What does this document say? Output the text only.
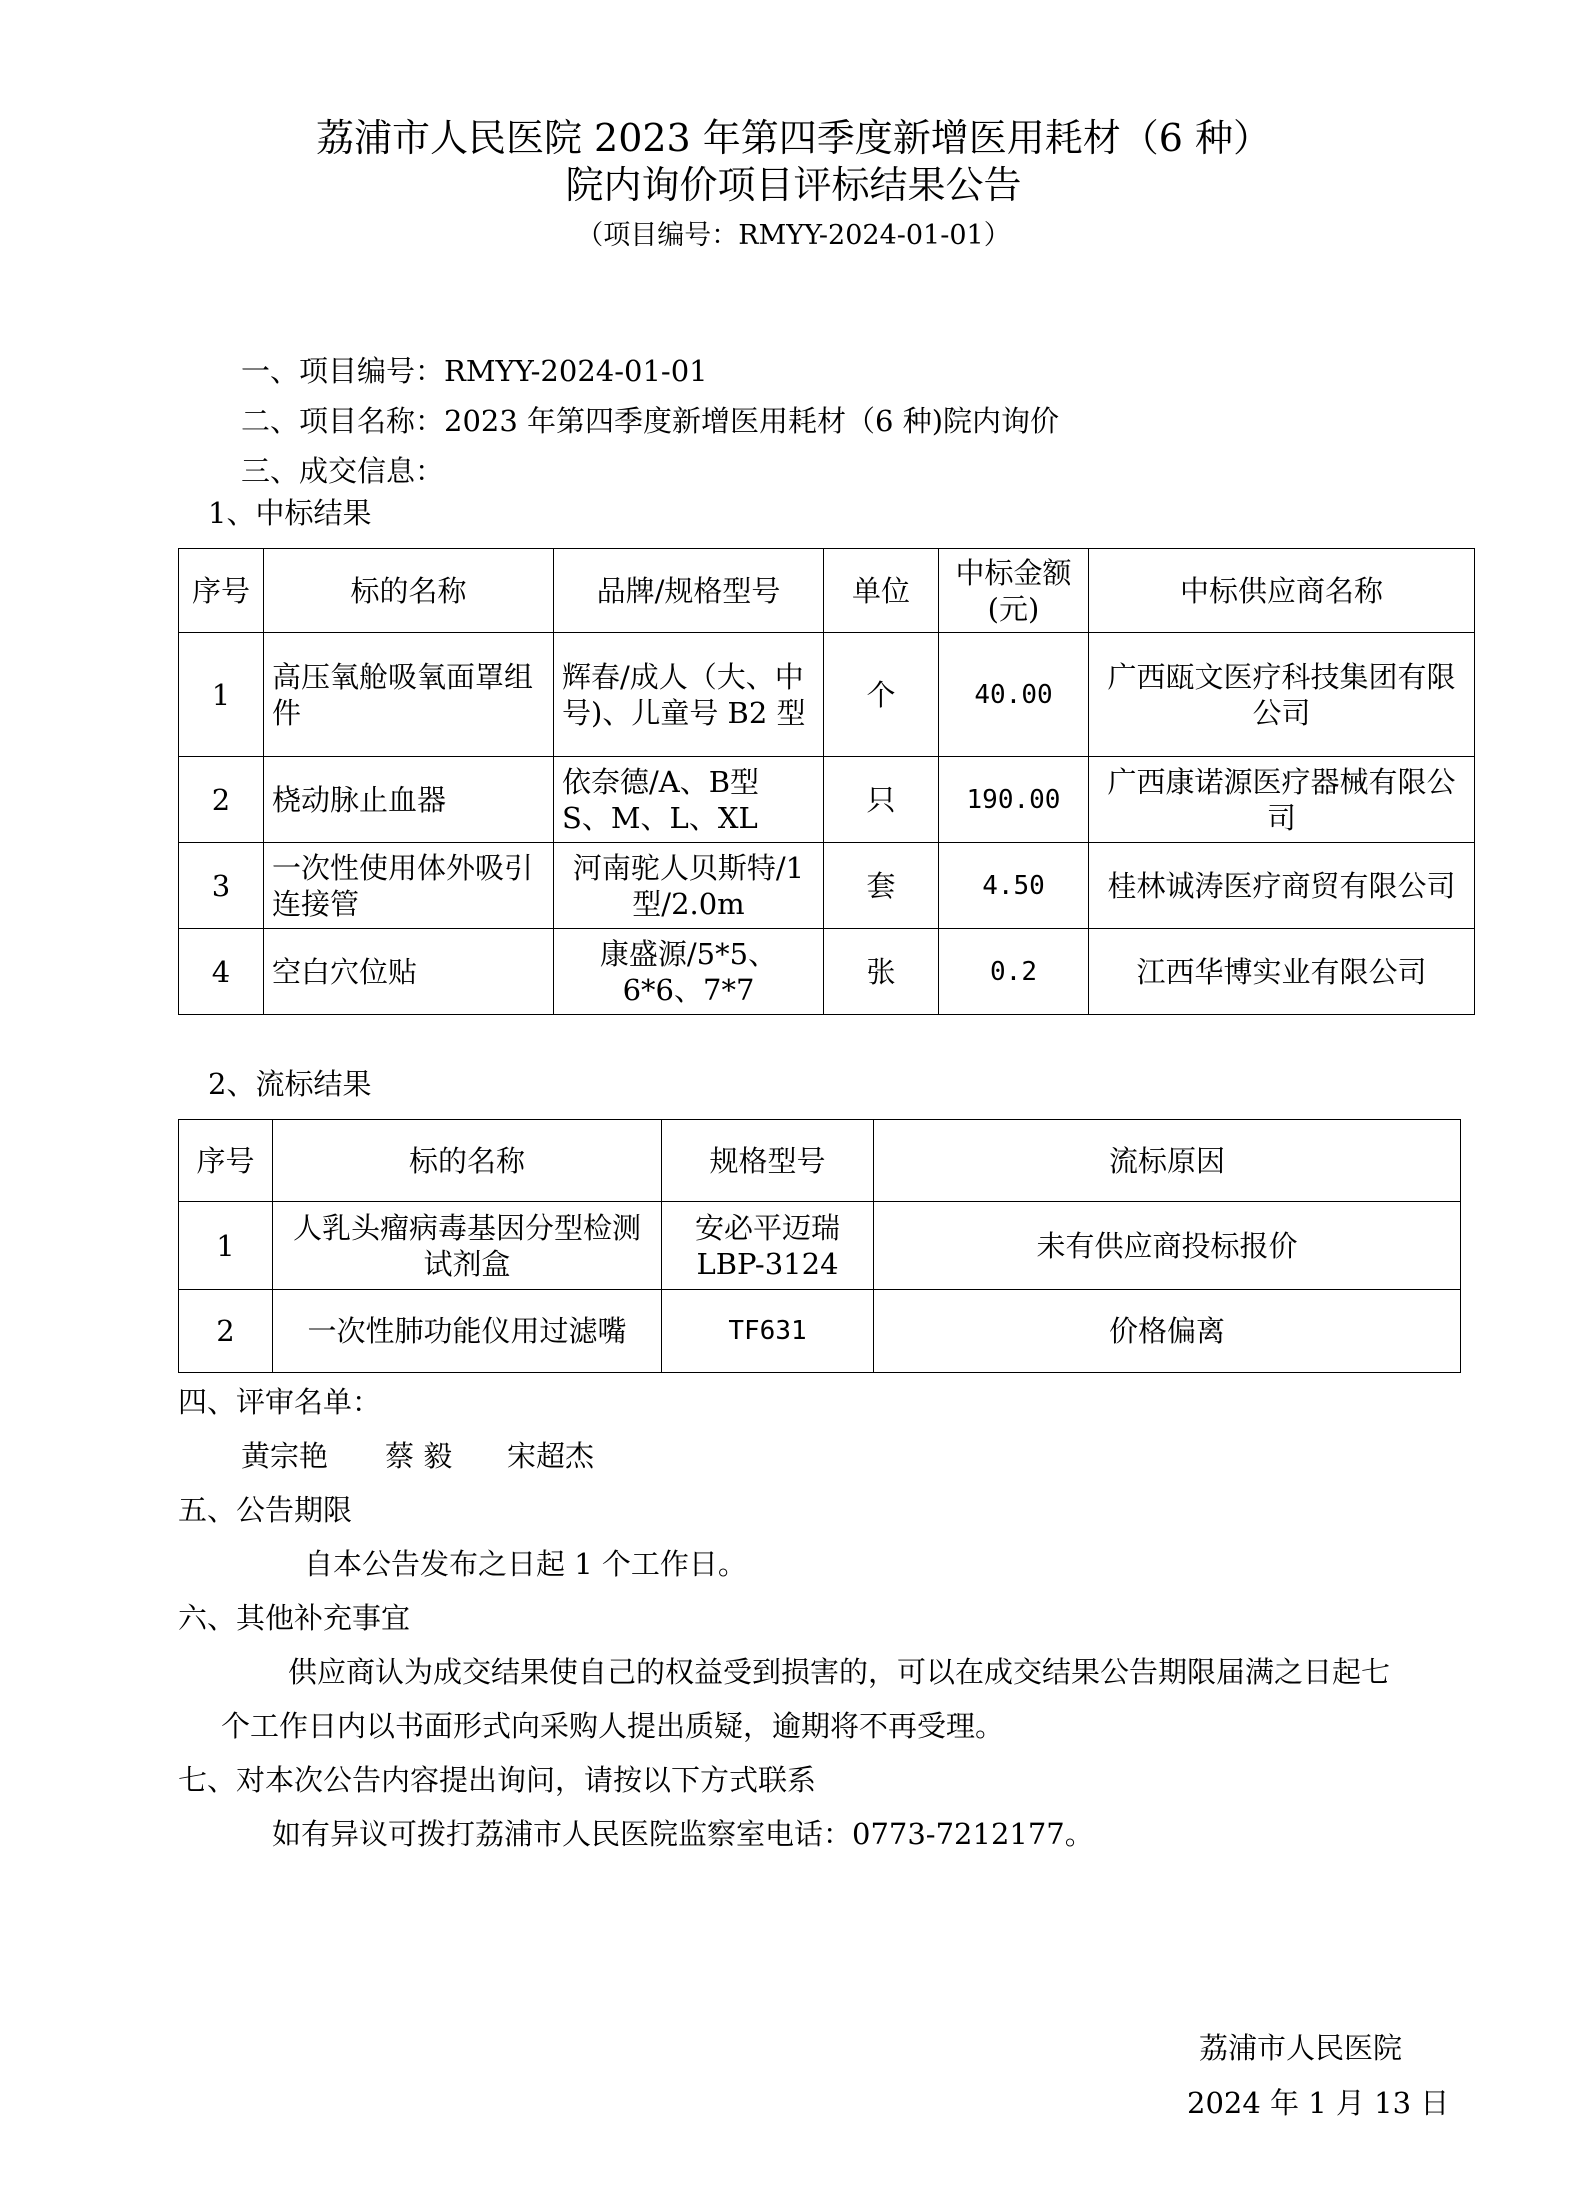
荔浦市人民医院 2023 年第四季度新增医用耗材（6 种）
院内询价项目评标结果公告
（项目编号：RMYY-2024-01-01）
一、项目编号：RMYY-2024-01-01
二、项目名称：2023 年第四季度新增医用耗材（6 种)院内询价
三、成交信息：
1、中标结果
序号	标的名称	品牌/规格型号	单位	中标金额(元)	中标供应商名称
1	高压氧舱吸氧面罩组件	辉春/成人（大、中号)、儿童号 B2 型	个	40.00	广西瓯文医疗科技集团有限公司
2	桡动脉止血器	依奈德/A、B型 S、M、L、XL	只	190.00	广西康诺源医疗器械有限公司
3	一次性使用体外吸引连接管	河南驼人贝斯特/1 型/2.0m	套	4.50	桂林诚涛医疗商贸有限公司
4	空白穴位贴	康盛源/5*5、6*6、7*7	张	0.2	江西华博实业有限公司
2、流标结果
序号	标的名称	规格型号	流标原因
1	人乳头瘤病毒基因分型检测试剂盒	安必平迈瑞 LBP-3124	未有供应商投标报价
2	一次性肺功能仪用过滤嘴	TF631	价格偏离
四、评审名单：
黄宗艳 蔡 毅 宋超杰
五、公告期限
自本公告发布之日起 1 个工作日。
六、其他补充事宜
供应商认为成交结果使自己的权益受到损害的，可以在成交结果公告期限届满之日起七
个工作日内以书面形式向采购人提出质疑，逾期将不再受理。
七、对本次公告内容提出询问，请按以下方式联系
如有异议可拨打荔浦市人民医院监察室电话：0773-7212177。
荔浦市人民医院
2024 年 1 月 13 日
